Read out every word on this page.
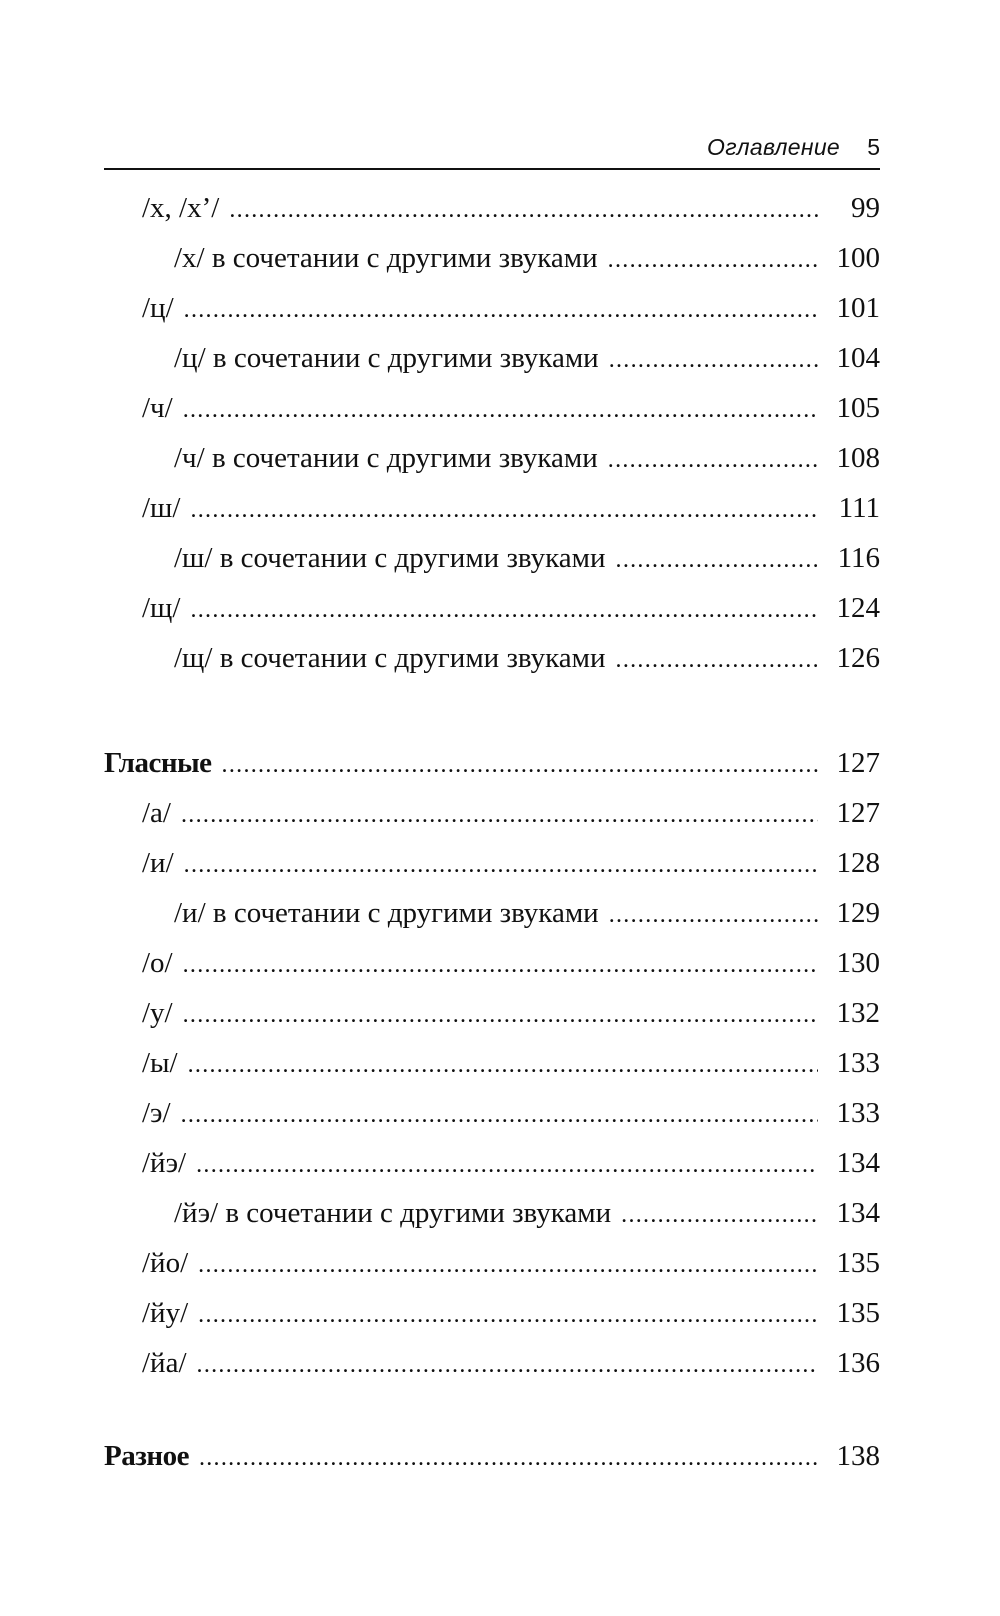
Оглавление 5
/х, /х’/ .....	99
/х/ в сочетании с другими звуками .....	100
/ц/ .....	101
/ц/ в сочетании с другими звуками .....	104
/ч/ .....	105
/ч/ в сочетании с другими звуками .....	108
/ш/ .....	111
/ш/ в сочетании с другими звуками .....	116
/щ/ .....	124
/щ/ в сочетании с другими звуками .....	126
Гласные .....	127
/а/ .....	127
/и/ .....	128
/и/ в сочетании с другими звуками .....	129
/о/ .....	130
/у/ .....	132
/ы/ .....	133
/э/ .....	133
/йэ/ .....	134
/йэ/ в сочетании с другими звуками .....	134
/йо/ .....	135
/йу/ .....	135
/йа/ .....	136
Разное .....	138
